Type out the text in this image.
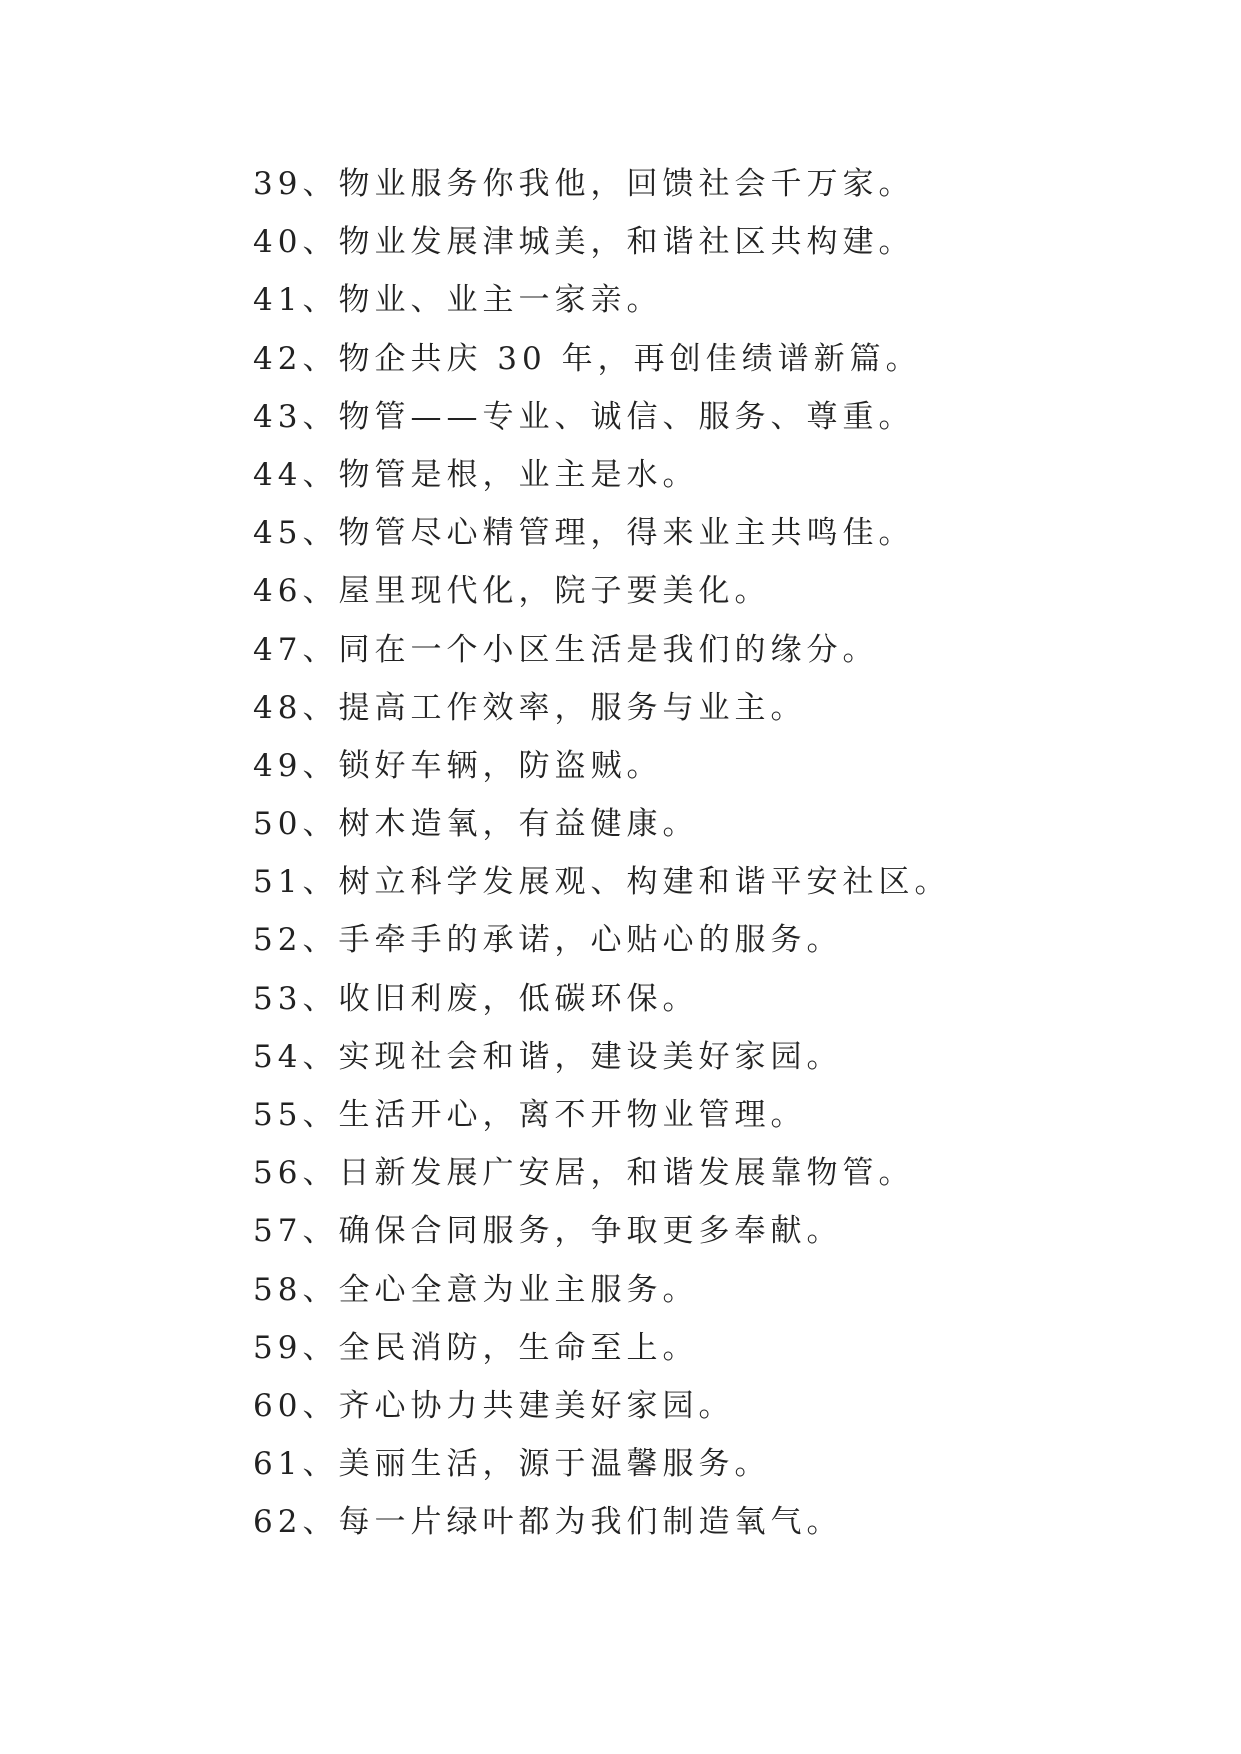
39、物业服务你我他，回馈社会千万家。
40、物业发展津城美，和谐社区共构建。
41、物业、业主一家亲。
42、物企共庆 30 年，再创佳绩谱新篇。
43、物管——专业、诚信、服务、尊重。
44、物管是根，业主是水。
45、物管尽心精管理，得来业主共鸣佳。
46、屋里现代化，院子要美化。
47、同在一个小区生活是我们的缘分。
48、提高工作效率，服务与业主。
49、锁好车辆，防盗贼。
50、树木造氧，有益健康。
51、树立科学发展观、构建和谐平安社区。
52、手牵手的承诺，心贴心的服务。
53、收旧利废，低碳环保。
54、实现社会和谐，建设美好家园。
55、生活开心，离不开物业管理。
56、日新发展广安居，和谐发展靠物管。
57、确保合同服务，争取更多奉献。
58、全心全意为业主服务。
59、全民消防，生命至上。
60、齐心协力共建美好家园。
61、美丽生活，源于温馨服务。
62、每一片绿叶都为我们制造氧气。
